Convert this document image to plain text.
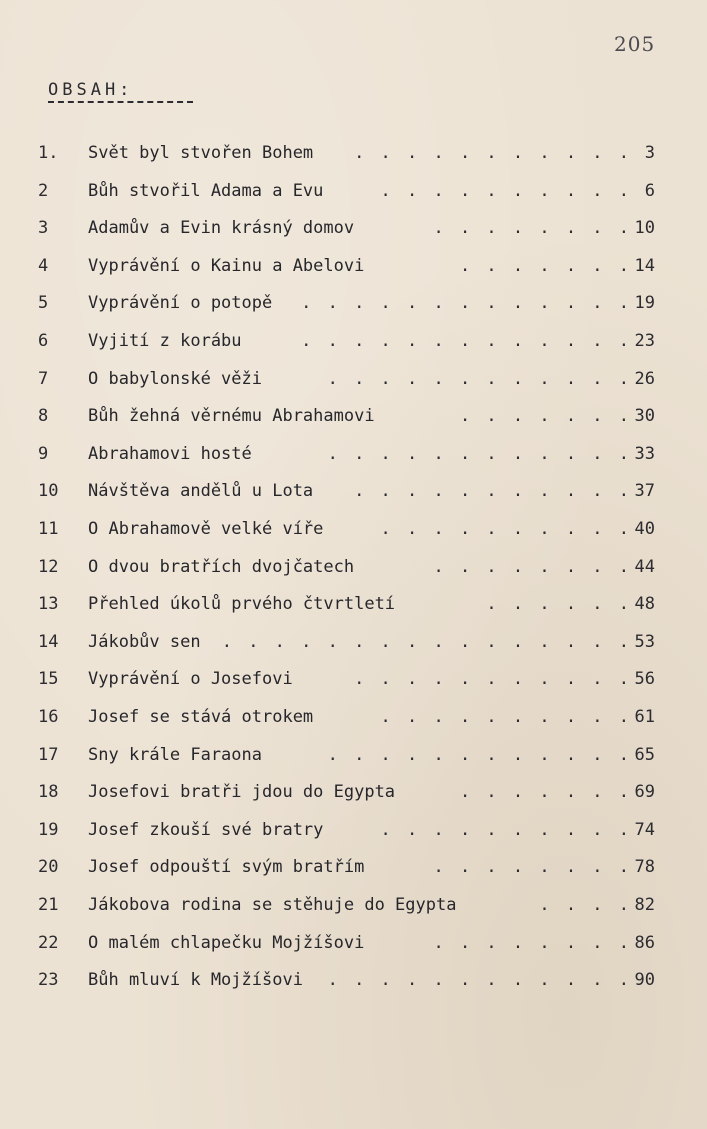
205
OBSAH:
1.	Svět byl stvořen Bohem . . . . . . . . . . . 3
2	Bůh stvořil Adama a Evu	. . . . . . . . . . 6
3	Adamův a Evin krásný domov	. . . . . . . . 10
4	Vyprávění o Kainu a Abelovi	. . . . . . . 14
5	Vyprávění o potopě . . . . . . . . . . . . . 19
6	Vyjití z korábu	. . . . . . . . . . . . . 23
7	O babylonské věži	. . . . . . . . . . . . 26
8	Bůh žehná věrnému Abrahamovi	. . . . . . . 30
9	Abrahamovi hosté	. . . . . . . . . . . . 33
10	Návštěva andělů u Lota . . . . . . . . . . . 37
11	O Abrahamově velké víře	. . . . . . . . . . 40
12	O dvou bratřích dvojčatech	. . . . . . . . 44
13	Přehled úkolů prvého čtvrtletí	. . . . . . 48
14	Jákobův sen . . . . . . . . . . . . . . . . 53
15	Vyprávění o Josefovi	. . . . . . . . . . . 56
16	Josef se stává otrokem	. . . . . . . . . . 61
17	Sny krále Faraona	. . . . . . . . . . . . 65
18	Josefovi bratři jdou do Egypta	. . . . . . . 69
19	Josef zkouší své bratry	. . . . . . . . . . 74
20	Josef odpouští svým bratřím	. . . . . . . . 78
21	Jákobova rodina se stěhuje do Egypta	. . . . 82
22	O malém chlapečku Mojžíšovi	. . . . . . . . 86
23	Bůh mluví k Mojžíšovi . . . . . . . . . . . . 90
